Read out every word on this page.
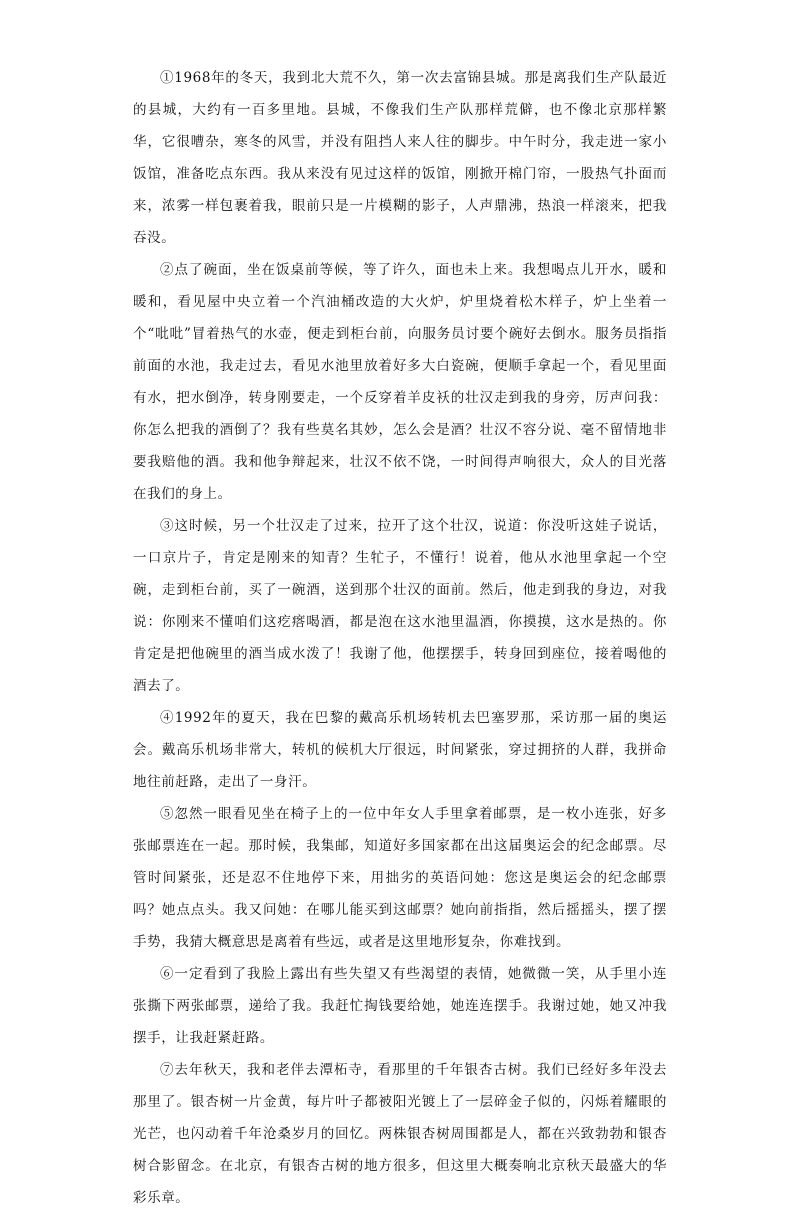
①1968年的冬天，我到北大荒不久，第一次去富锦县城。那是离我们生产队最近的县城，大约有一百多里地。县城，不像我们生产队那样荒僻，也不像北京那样繁华，它很嘈杂，寒冬的风雪，并没有阻挡人来人往的脚步。中午时分，我走进一家小饭馆，准备吃点东西。我从来没有见过这样的饭馆，刚掀开棉门帘，一股热气扑面而来，浓雾一样包裹着我，眼前只是一片模糊的影子，人声鼎沸，热浪一样滚来，把我吞没。

②点了碗面，坐在饭桌前等候，等了许久，面也未上来。我想喝点儿开水，暖和暖和，看见屋中央立着一个汽油桶改造的大火炉，炉里烧着松木样子，炉上坐着一个“吡吡”冒着热气的水壶，便走到柜台前，向服务员讨要个碗好去倒水。服务员指指前面的水池，我走过去，看见水池里放着好多大白瓷碗，便顺手拿起一个，看见里面有水，把水倒净，转身刚要走，一个反穿着羊皮袄的壮汉走到我的身旁，厉声问我：你怎么把我的酒倒了？我有些莫名其妙，怎么会是酒？壮汉不容分说、毫不留情地非要我赔他的酒。我和他争辩起来，壮汉不依不饶，一时间得声响很大，众人的目光落在我们的身上。

③这时候，另一个壮汉走了过来，拉开了这个壮汉，说道：你没听这娃子说话，一口京片子，肯定是刚来的知青？生牤子，不懂行！说着，他从水池里拿起一个空碗，走到柜台前，买了一碗酒，送到那个壮汉的面前。然后，他走到我的身边，对我说：你刚来不懂咱们这疙瘩喝酒，都是泡在这水池里温酒，你摸摸，这水是热的。你肯定是把他碗里的酒当成水泼了！我谢了他，他摆摆手，转身回到座位，接着喝他的酒去了。

④1992年的夏天，我在巴黎的戴高乐机场转机去巴塞罗那，采访那一届的奥运会。戴高乐机场非常大，转机的候机大厅很远，时间紧张，穿过拥挤的人群，我拼命地往前赶路，走出了一身汗。

⑤忽然一眼看见坐在椅子上的一位中年女人手里拿着邮票，是一枚小连张，好多张邮票连在一起。那时候，我集邮，知道好多国家都在出这届奥运会的纪念邮票。尽管时间紧张，还是忍不住地停下来，用拙劣的英语问她：您这是奥运会的纪念邮票吗？她点点头。我又问她：在哪儿能买到这邮票？她向前指指，然后摇摇头，摆了摆手势，我猜大概意思是离着有些远，或者是这里地形复杂，你难找到。

⑥一定看到了我脸上露出有些失望又有些渴望的表情，她微微一笑，从手里小连张撕下两张邮票，递给了我。我赶忙掏钱要给她，她连连摆手。我谢过她，她又冲我摆手，让我赶紧赶路。

⑦去年秋天，我和老伴去潭柘寺，看那里的千年银杏古树。我们已经好多年没去那里了。银杏树一片金黄，每片叶子都被阳光镀上了一层碎金子似的，闪烁着耀眼的光芒，也闪动着千年沧桑岁月的回忆。两株银杏树周围都是人，都在兴致勃勃和银杏树合影留念。在北京，有银杏古树的地方很多，但这里大概奏响北京秋天最盛大的华彩乐章。
